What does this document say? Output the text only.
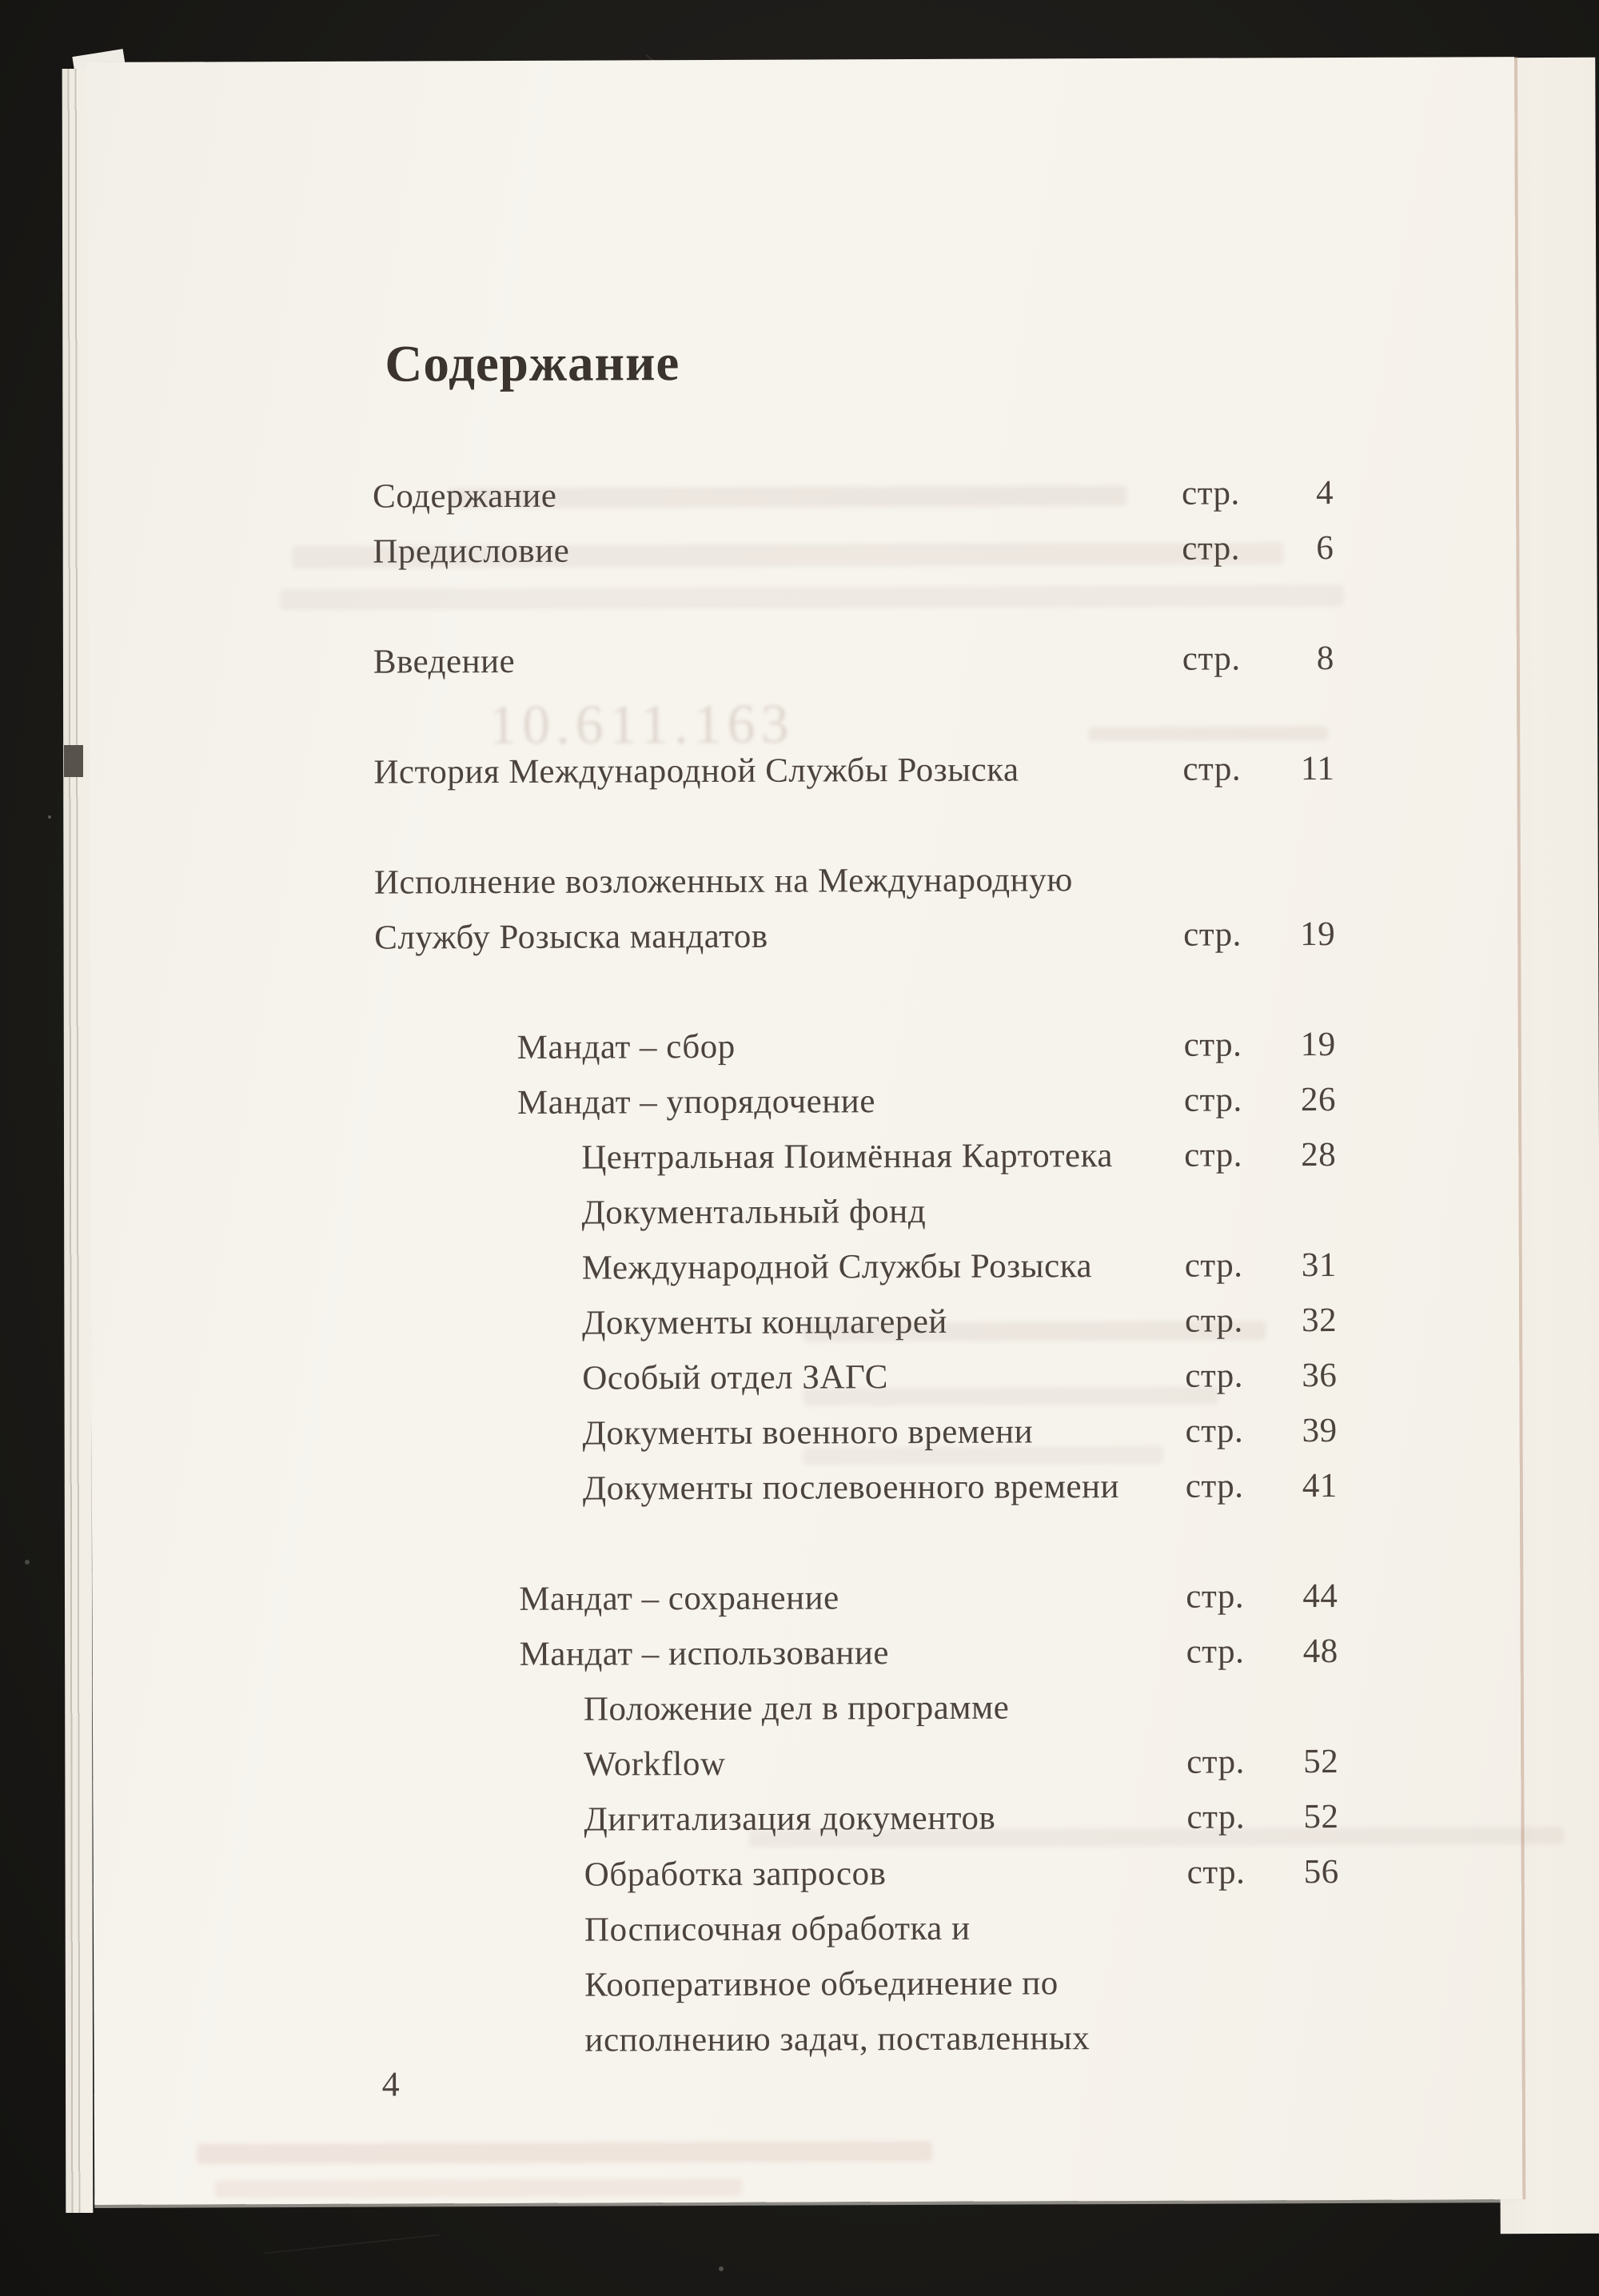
Содержание
10.611.163
Содержание	стр.	4
Предисловие	стр.	6
Введение	стр.	8
История Международной Службы Розыска	стр.	11
Исполнение возложенных на Международную
Службу Розыска мандатов	стр.	19
Мандат – сбор	стр.	19
Мандат – упорядочение	стр.	26
Центральная Поимённая Картотека стр.	28
Документальный фонд
Международной Службы Розыска	стр.	31
Документы концлагерей	стр.	32
Особый отдел ЗАГС	стр.	36
Документы военного времени	стр.	39
Документы послевоенного времени стр.	41
Мандат – сохранение	стр.	44
Мандат – использование	стр.	48
Положение дел в программе
Workflow	стр.	52
Дигитализация документов	стр.	52
Обработка запросов	стр.	56
Посписочная обработка и
Кооперативное объединение по
исполнению задач, поставленных
4
